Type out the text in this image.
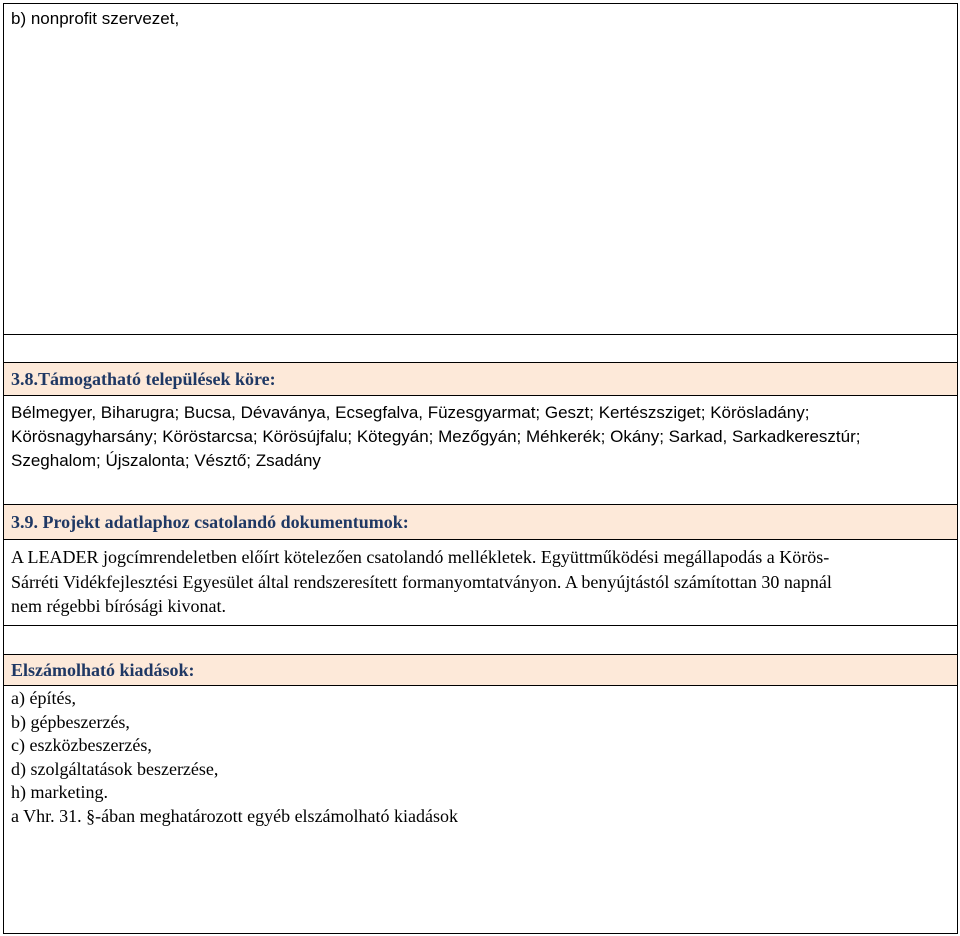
b) nonprofit szervezet,
3.8.Támogatható települések köre:
Bélmegyer, Biharugra; Bucsa, Dévaványa, Ecsegfalva, Füzesgyarmat; Geszt; Kertészsziget; Körösladány;
Körösnagyharsány; Köröstarcsa; Körösújfalu; Kötegyán; Mezőgyán; Méhkerék; Okány; Sarkad, Sarkadkeresztúr;
Szeghalom; Újszalonta; Vésztő; Zsadány
3.9. Projekt adatlaphoz csatolandó dokumentumok:
A LEADER jogcímrendeletben előírt kötelezően csatolandó mellékletek. Együttműködési megállapodás a Körös-
Sárréti Vidékfejlesztési Egyesület által rendszeresített formanyomtatványon. A benyújtástól számítottan 30 napnál
nem régebbi bírósági kivonat.
Elszámolható kiadások:
a) építés,
b) gépbeszerzés,
c) eszközbeszerzés,
d) szolgáltatások beszerzése,
h) marketing.
a Vhr. 31. §-ában meghatározott egyéb elszámolható kiadások
